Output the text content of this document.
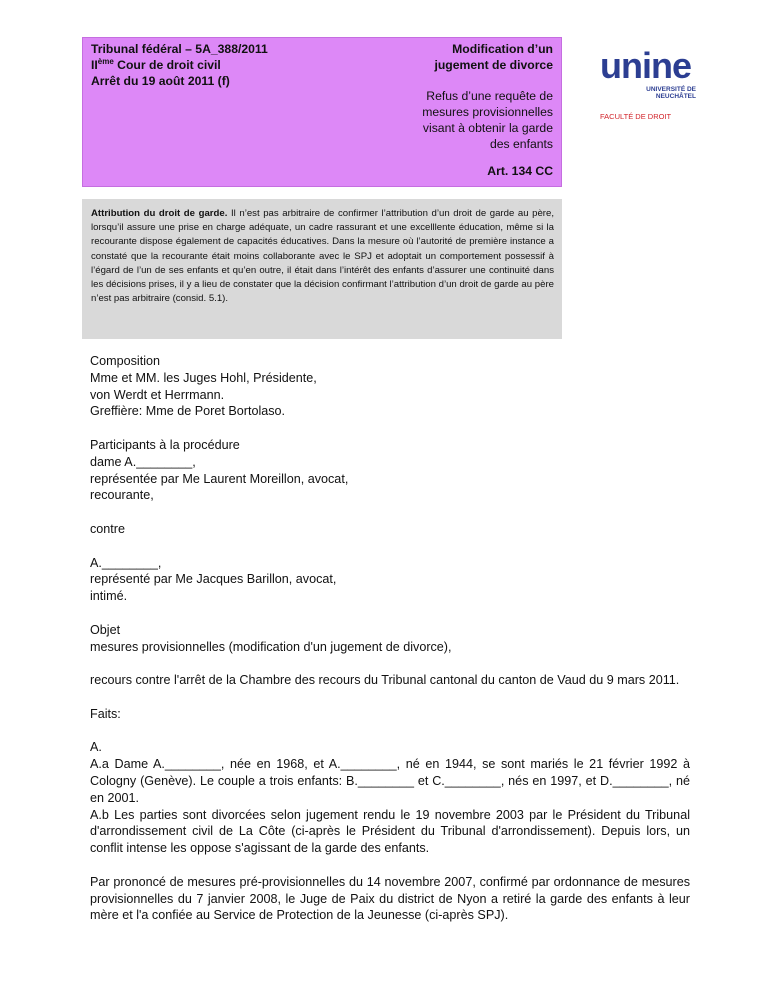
Tribunal fédéral – 5A_388/2011
IIème Cour de droit civil
Arrêt du 19 août 2011 (f)
Modification d’un
jugement de divorce
Refus d’une requête de
mesures provisionnelles
visant à obtenir la garde
des enfants
Art. 134 CC
unine
UNIVERSITÉ DE
NEUCHÂTEL
FACULTÉ DE DROIT
Attribution du droit de garde. Il n’est pas arbitraire de confirmer l’attribution d’un droit de garde au père, lorsqu’il assure une prise en charge adéquate, un cadre rassurant et une excelllente éducation, même si la recourante dispose également de capacités éducatives. Dans la mesure où l’autorité de première instance a constaté que la recourante était moins collaborante avec le SPJ et adoptait un comportement possessif à l’égard de l’un de ses enfants et qu’en outre, il était dans l’intérêt des enfants d’assurer une continuité dans les décisions prises, il y a lieu de constater que la décision confirmant l’attribution d’un droit de garde au père n’est pas arbitraire (consid. 5.1).
Composition
Mme et MM. les Juges Hohl, Présidente,
von Werdt et Herrmann.
Greffière: Mme de Poret Bortolaso.
Participants à la procédure
dame A.________,
représentée par Me Laurent Moreillon, avocat,
recourante,
contre
A.________,
représenté par Me Jacques Barillon, avocat,
intimé.
Objet
mesures provisionnelles (modification d'un jugement de divorce),
recours contre l'arrêt de la Chambre des recours du Tribunal cantonal du canton de Vaud du 9 mars 2011.
Faits:
A.
A.a Dame A.________, née en 1968, et A.________, né en 1944, se sont mariés le 21 février 1992 à Cologny (Genève). Le couple a trois enfants: B.________ et C.________, nés en 1997, et D.________, né en 2001.
A.b Les parties sont divorcées selon jugement rendu le 19 novembre 2003 par le Président du Tribunal d'arrondissement civil de La Côte (ci-après le Président du Tribunal d'arrondissement). Depuis lors, un conflit intense les oppose s'agissant de la garde des enfants.
Par prononcé de mesures pré-provisionnelles du 14 novembre 2007, confirmé par ordonnance de mesures provisionnelles du 7 janvier 2008, le Juge de Paix du district de Nyon a retiré la garde des enfants à leur mère et l'a confiée au Service de Protection de la Jeunesse (ci-après SPJ).
